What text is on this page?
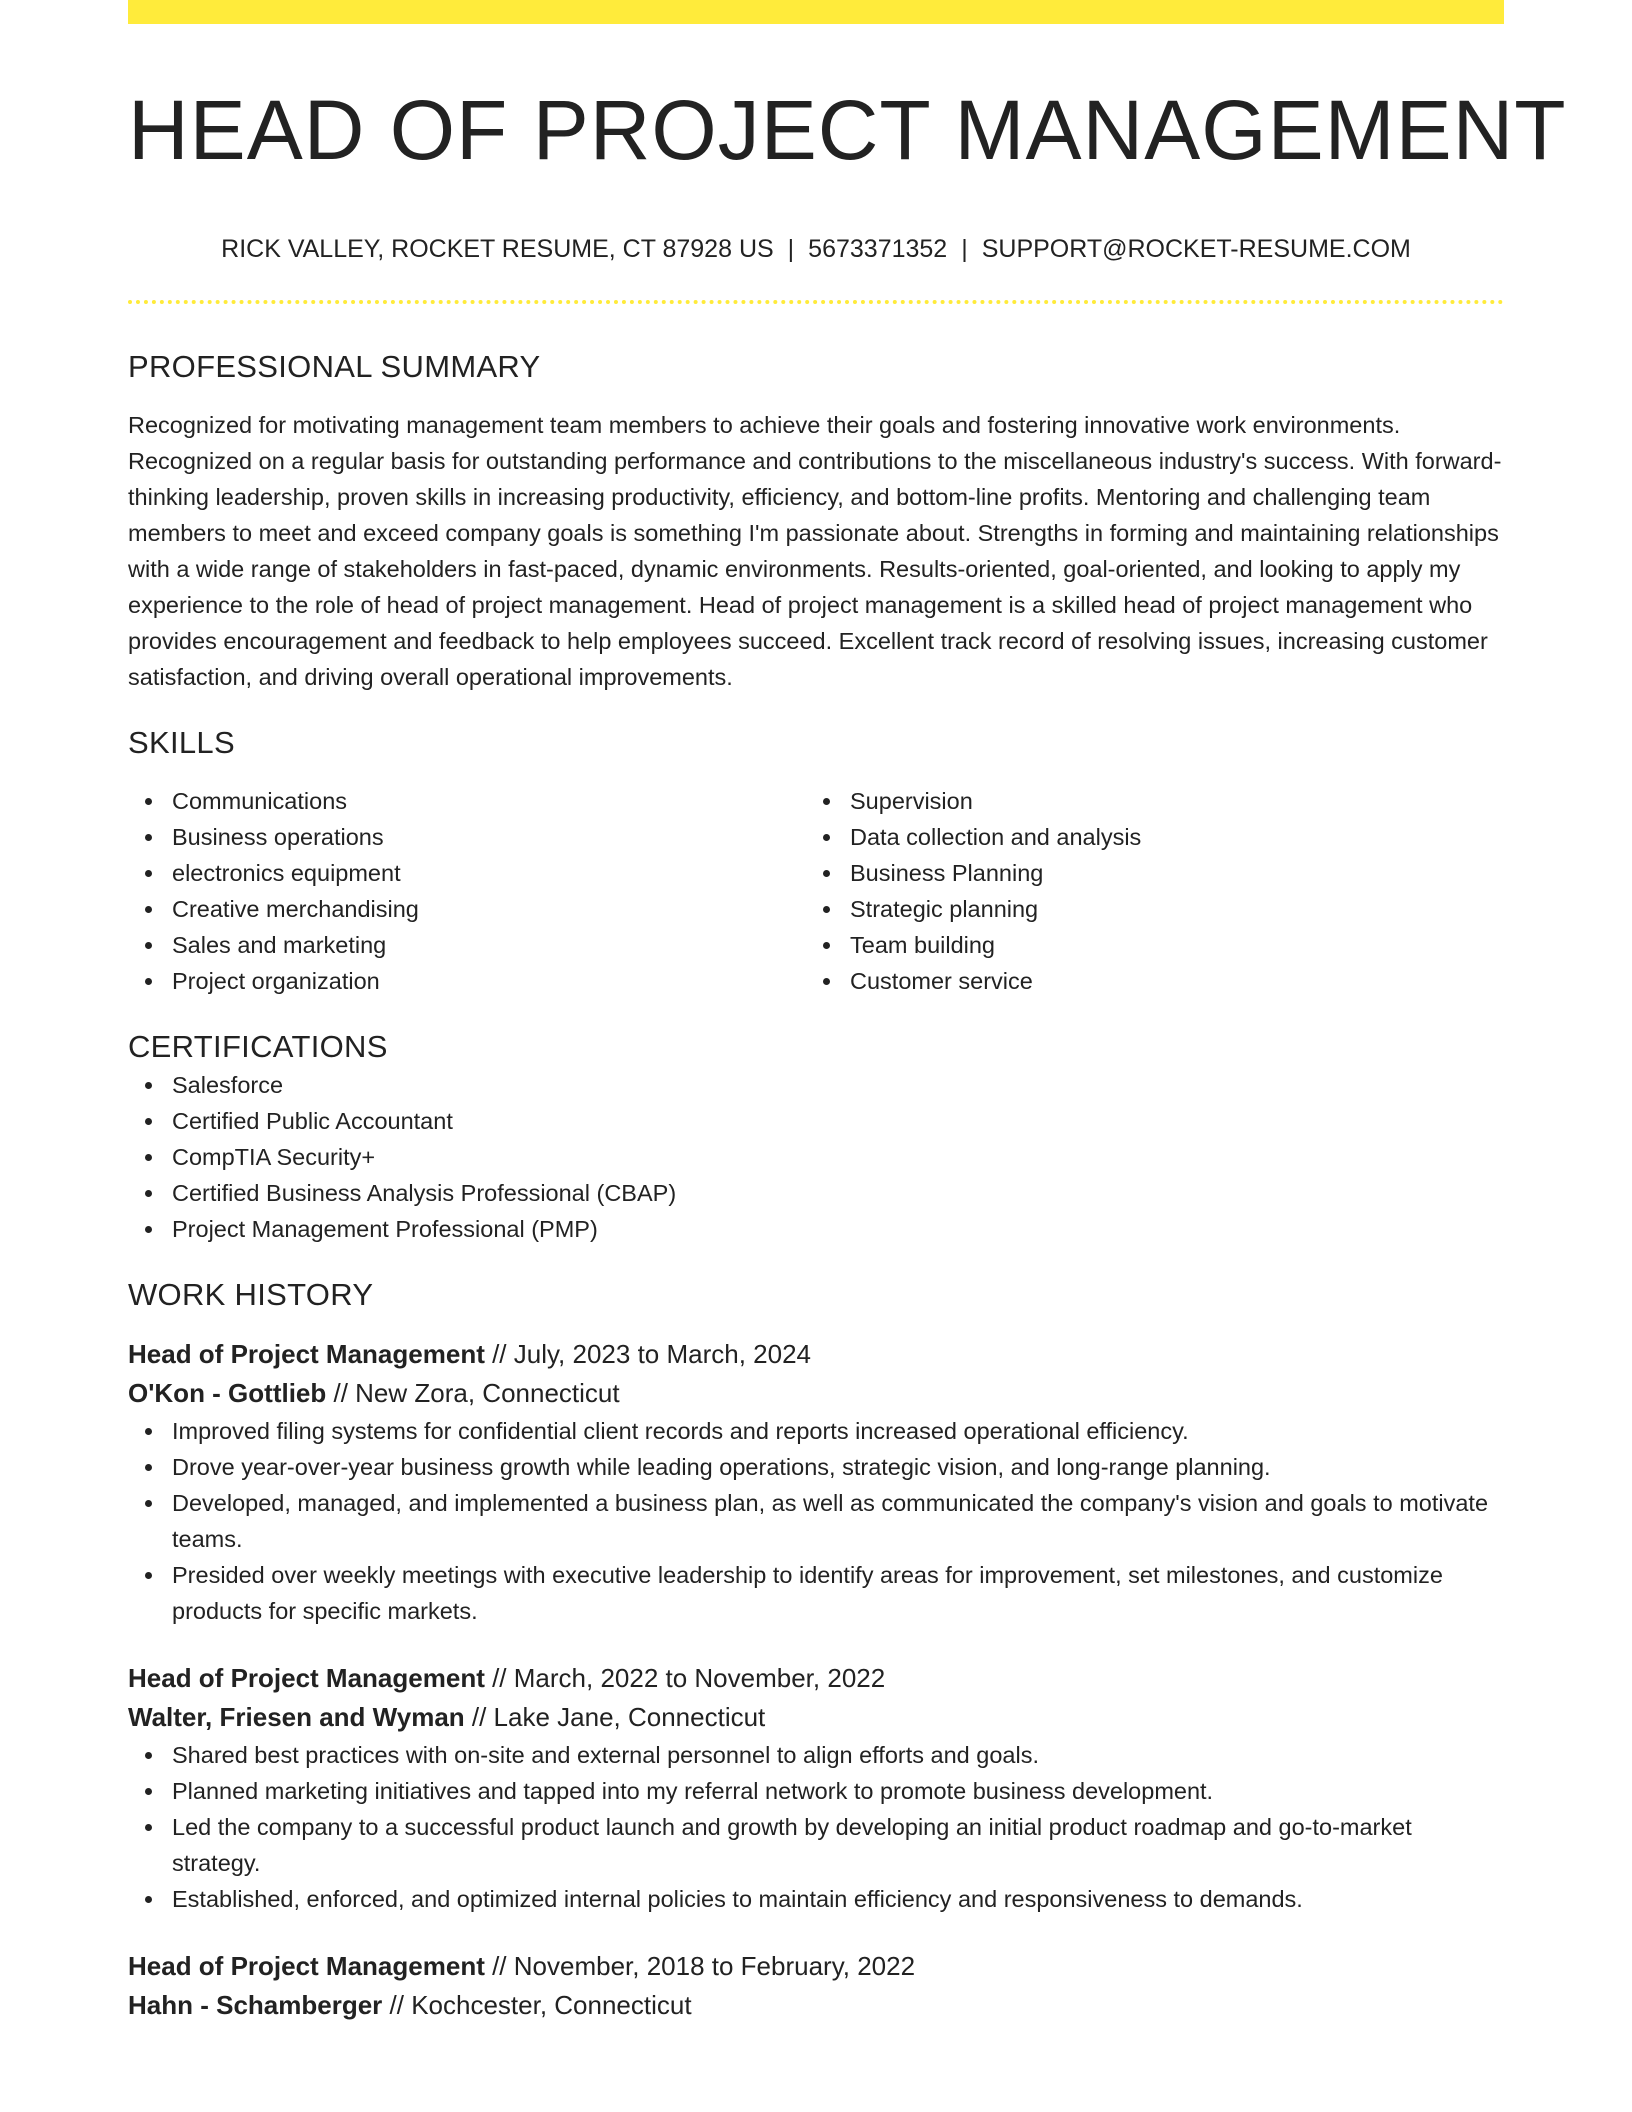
HEAD OF PROJECT MANAGEMENT
RICK VALLEY, ROCKET RESUME, CT 87928 US | 5673371352 | SUPPORT@ROCKET-RESUME.COM
PROFESSIONAL SUMMARY

Recognized for motivating management team members to achieve their goals and fostering innovative work environments. Recognized on a regular basis for outstanding performance and contributions to the miscellaneous industry's success. With forward-thinking leadership, proven skills in increasing productivity, efficiency, and bottom-line profits. Mentoring and challenging team members to meet and exceed company goals is something I'm passionate about. Strengths in forming and maintaining relationships with a wide range of stakeholders in fast-paced, dynamic environments. Results-oriented, goal-oriented, and looking to apply my experience to the role of head of project management. Head of project management is a skilled head of project management who provides encouragement and feedback to help employees succeed. Excellent track record of resolving issues, increasing customer satisfaction, and driving overall operational improvements.

SKILLS
Communications
Business operations
electronics equipment
Creative merchandising
Sales and marketing
Project organization
Supervision
Data collection and analysis
Business Planning
Strategic planning
Team building
Customer service
CERTIFICATIONS
Salesforce
Certified Public Accountant
CompTIA Security+
Certified Business Analysis Professional (CBAP)
Project Management Professional (PMP)
WORK HISTORY
Head of Project Management // July, 2023 to March, 2024
O'Kon - Gottlieb // New Zora, Connecticut
Improved filing systems for confidential client records and reports increased operational efficiency.
Drove year-over-year business growth while leading operations, strategic vision, and long-range planning.
Developed, managed, and implemented a business plan, as well as communicated the company's vision and goals to motivate teams.
Presided over weekly meetings with executive leadership to identify areas for improvement, set milestones, and customize products for specific markets.
Head of Project Management // March, 2022 to November, 2022
Walter, Friesen and Wyman // Lake Jane, Connecticut
Shared best practices with on-site and external personnel to align efforts and goals.
Planned marketing initiatives and tapped into my referral network to promote business development.
Led the company to a successful product launch and growth by developing an initial product roadmap and go-to-market strategy.
Established, enforced, and optimized internal policies to maintain efficiency and responsiveness to demands.
Head of Project Management // November, 2018 to February, 2022
Hahn - Schamberger // Kochcester, Connecticut
